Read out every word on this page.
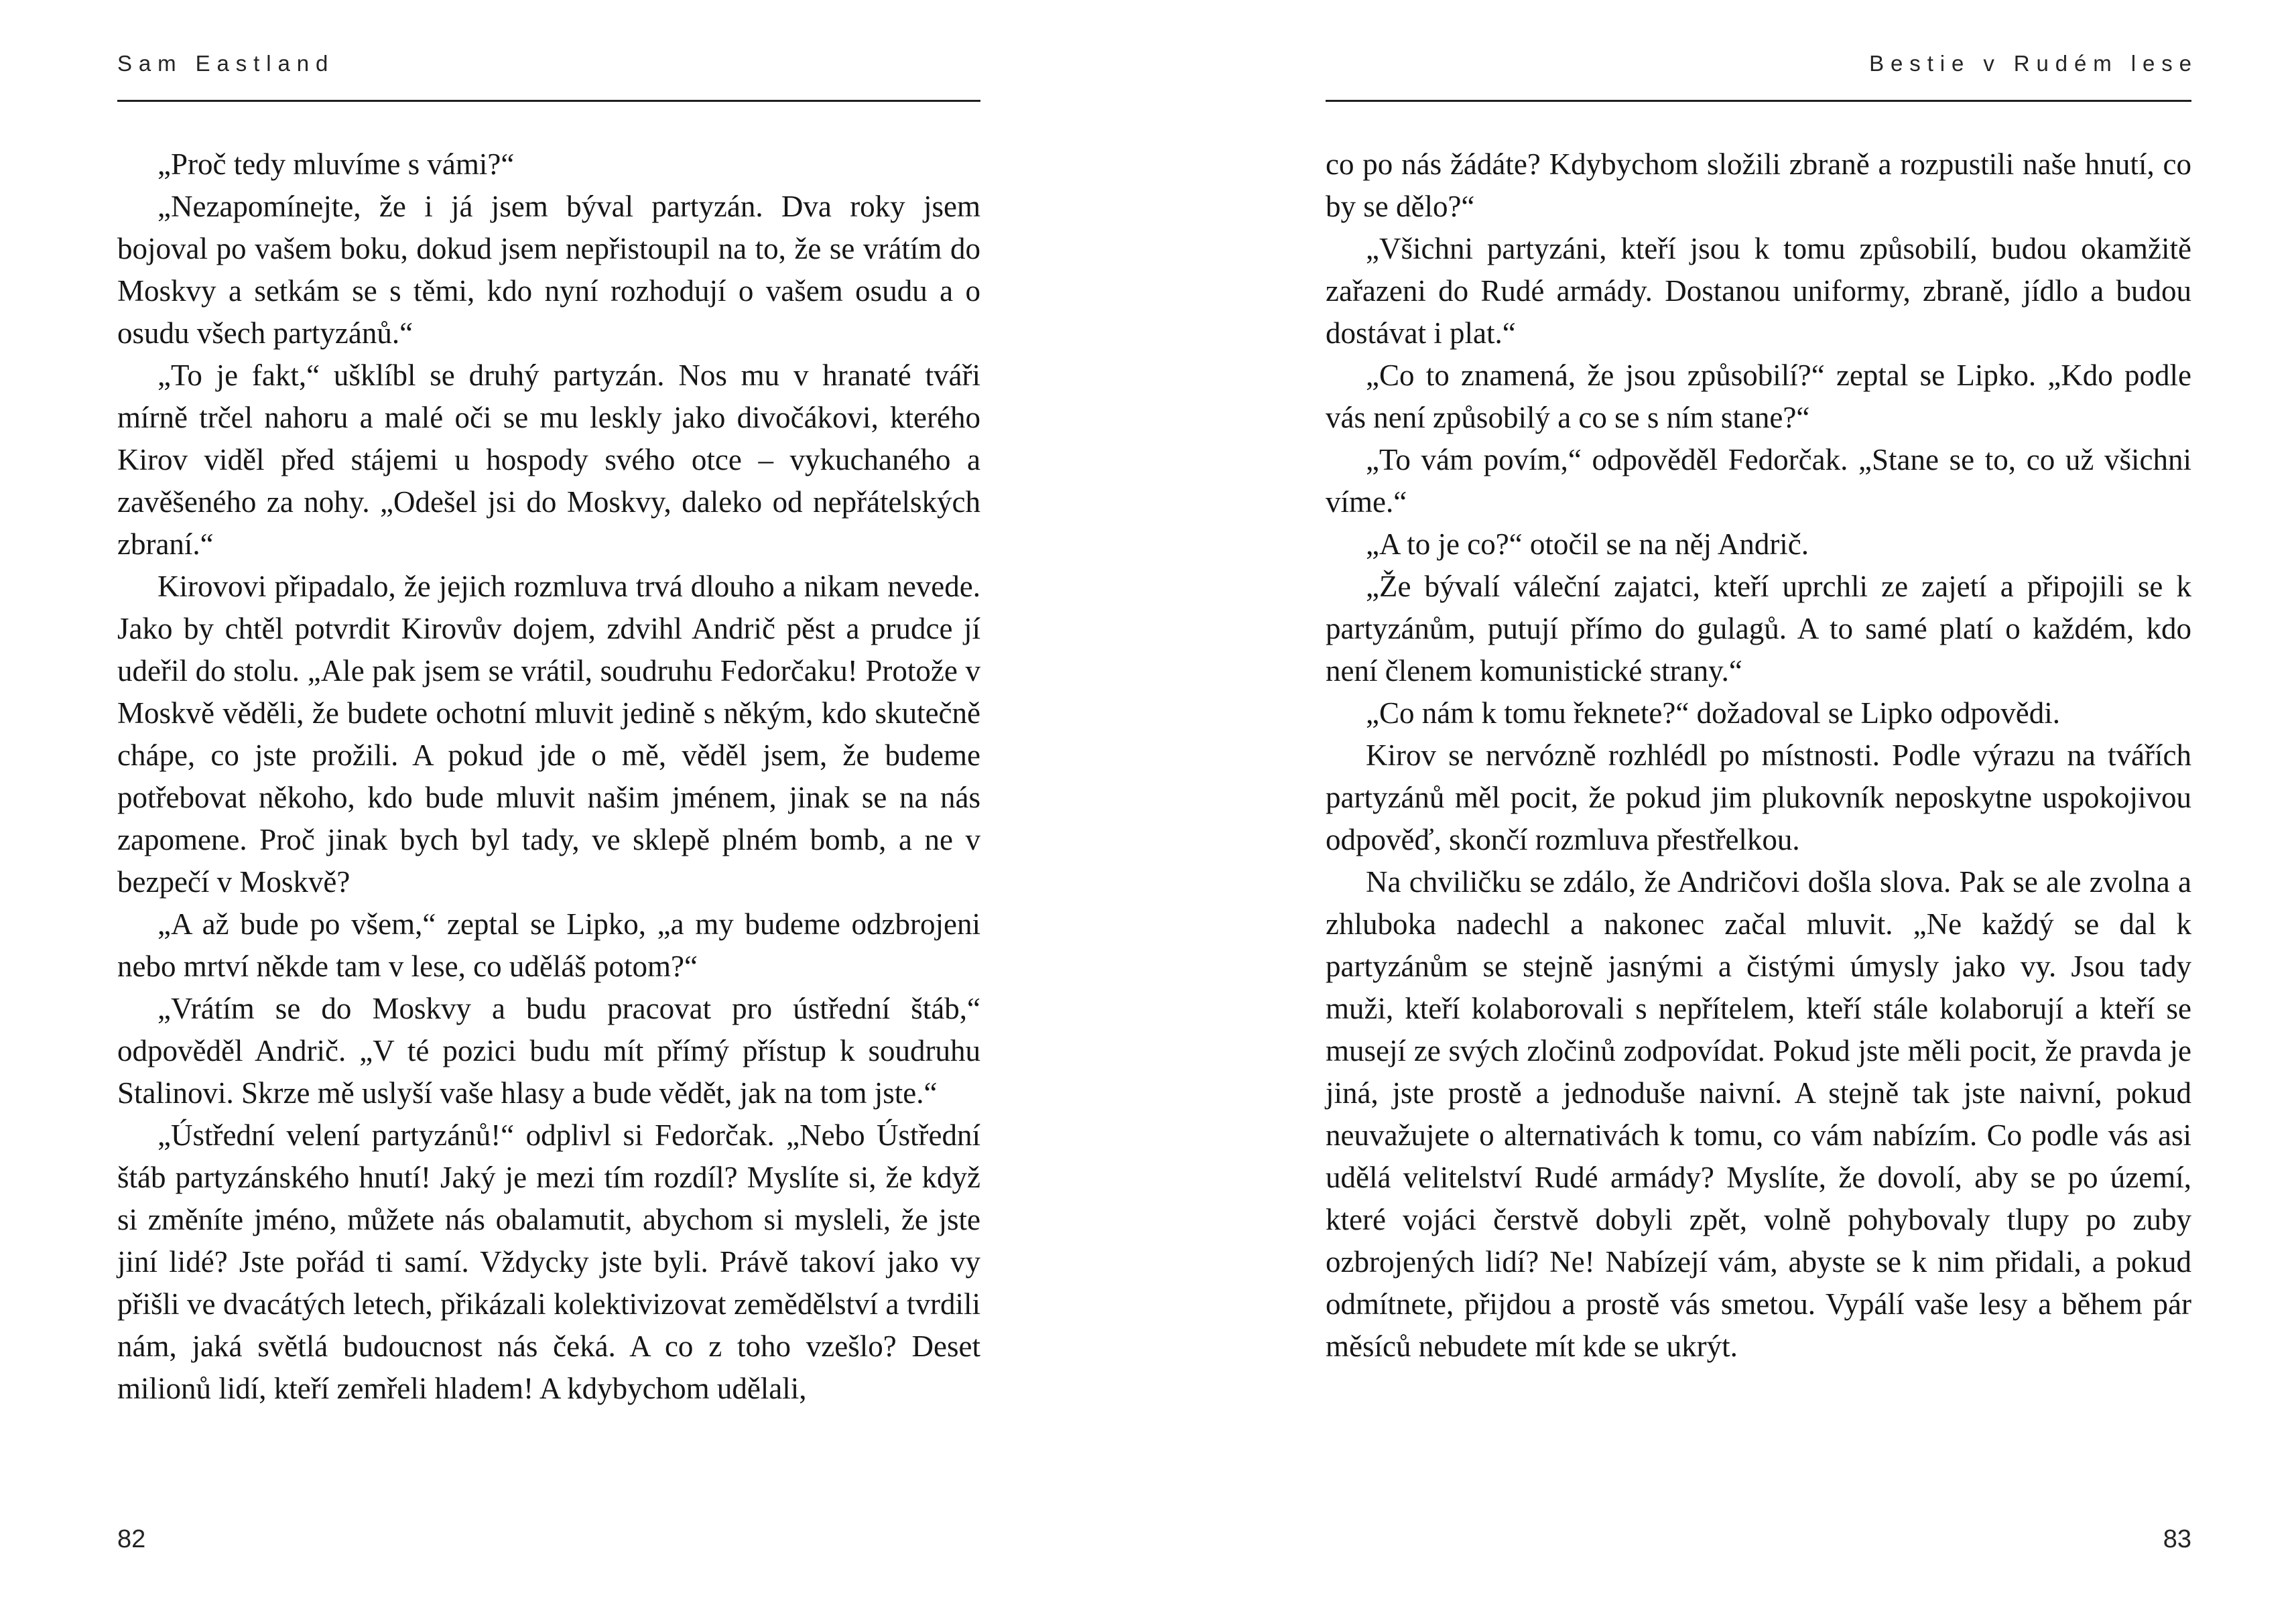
Sam Eastland

„Proč tedy mluvíme s vámi?“

„Nezapomínejte, že i já jsem býval partyzán. Dva roky jsem bojoval po vašem boku, dokud jsem nepřistoupil na to, že se vrátím do Moskvy a setkám se s těmi, kdo nyní rozhodují o vašem osudu a o osudu všech partyzánů.“

„To je fakt,“ ušklíbl se druhý partyzán. Nos mu v hranaté tváři mírně trčel nahoru a malé oči se mu leskly jako divočákovi, kterého Kirov viděl před stájemi u hospody svého otce – vykuchaného a zavěšeného za nohy. „Odešel jsi do Moskvy, daleko od nepřátelských zbraní.“

Kirovovi připadalo, že jejich rozmluva trvá dlouho a nikam nevede. Jako by chtěl potvrdit Kirovův dojem, zdvihl Andrič pěst a prudce jí udeřil do stolu. „Ale pak jsem se vrátil, soudruhu Fedorčaku! Protože v Moskvě věděli, že budete ochotní mluvit jedině s někým, kdo skutečně chápe, co jste prožili. A pokud jde o mě, věděl jsem, že budeme potřebovat někoho, kdo bude mluvit našim jménem, jinak se na nás zapomene. Proč jinak bych byl tady, ve sklepě plném bomb, a ne v bezpečí v Moskvě?

„A až bude po všem,“ zeptal se Lipko, „a my budeme odzbrojeni nebo mrtví někde tam v lese, co uděláš potom?“

„Vrátím se do Moskvy a budu pracovat pro ústřední štáb,“ odpověděl Andrič. „V té pozici budu mít přímý přístup k soudruhu Stalinovi. Skrze mě uslyší vaše hlasy a bude vědět, jak na tom jste.“

„Ústřední velení partyzánů!“ odplivl si Fedorčak. „Nebo Ústřední štáb partyzánského hnutí! Jaký je mezi tím rozdíl? Myslíte si, že když si změníte jméno, můžete nás obalamutit, abychom si mysleli, že jste jiní lidé? Jste pořád ti samí. Vždycky jste byli. Právě takoví jako vy přišli ve dvacátých letech, přikázali kolektivizovat zemědělství a tvrdili nám, jaká světlá budoucnost nás čeká. A co z toho vzešlo? Deset milionů lidí, kteří zemřeli hladem! A kdybychom udělali,

82
Bestie v Rudém lese

co po nás žádáte? Kdybychom složili zbraně a rozpustili naše hnutí, co by se dělo?“

„Všichni partyzáni, kteří jsou k tomu způsobilí, budou okamžitě zařazeni do Rudé armády. Dostanou uniformy, zbraně, jídlo a budou dostávat i plat.“

„Co to znamená, že jsou způsobilí?“ zeptal se Lipko. „Kdo podle vás není způsobilý a co se s ním stane?“

„To vám povím,“ odpověděl Fedorčak. „Stane se to, co už všichni víme.“

„A to je co?“ otočil se na něj Andrič.

„Že bývalí váleční zajatci, kteří uprchli ze zajetí a připojili se k partyzánům, putují přímo do gulagů. A to samé platí o každém, kdo není členem komunistické strany.“

„Co nám k tomu řeknete?“ dožadoval se Lipko odpovědi.

Kirov se nervózně rozhlédl po místnosti. Podle výrazu na tvářích partyzánů měl pocit, že pokud jim plukovník neposkytne uspokojivou odpověď, skončí rozmluva přestřelkou.

Na chviličku se zdálo, že Andričovi došla slova. Pak se ale zvolna a zhluboka nadechl a nakonec začal mluvit. „Ne každý se dal k partyzánům se stejně jasnými a čistými úmysly jako vy. Jsou tady muži, kteří kolaborovali s nepřítelem, kteří stále kolaborují a kteří se musejí ze svých zločinů zodpovídat. Pokud jste měli pocit, že pravda je jiná, jste prostě a jednoduše naivní. A stejně tak jste naivní, pokud neuvažujete o alternativách k tomu, co vám nabízím. Co podle vás asi udělá velitelství Rudé armády? Myslíte, že dovolí, aby se po území, které vojáci čerstvě dobyli zpět, volně pohybovaly tlupy po zuby ozbrojených lidí? Ne! Nabízejí vám, abyste se k nim přidali, a pokud odmítnete, přijdou a prostě vás smetou. Vypálí vaše lesy a během pár měsíců nebudete mít kde se ukrýt.

83
